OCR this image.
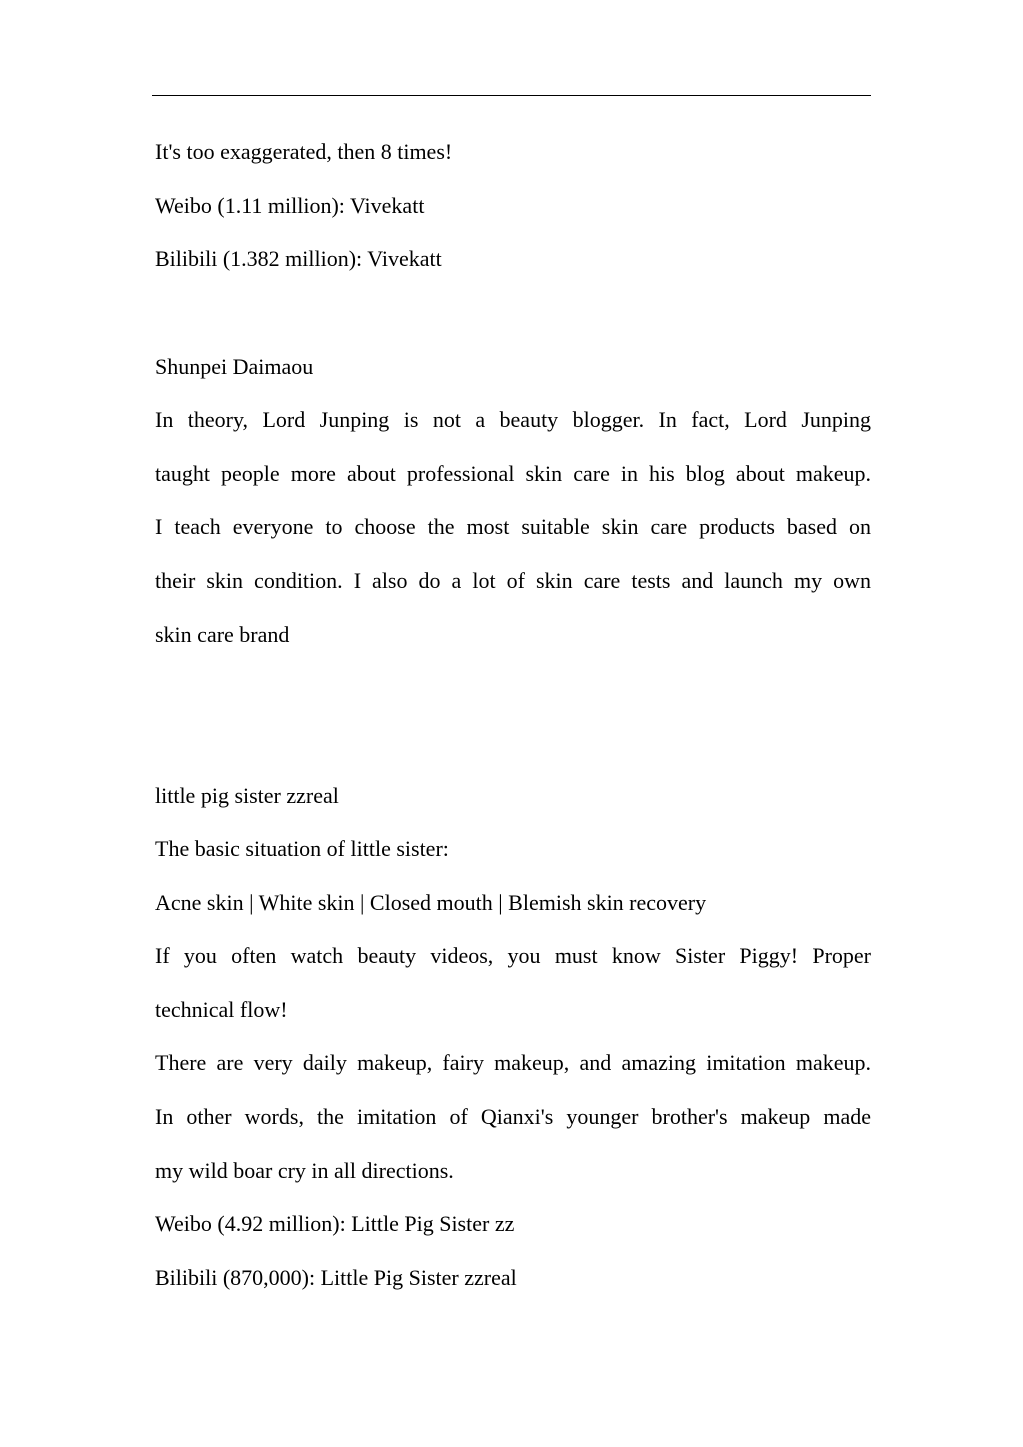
It's too exaggerated, then 8 times!
Weibo (1.11 million): Vivekatt
Bilibili (1.382 million): Vivekatt
Shunpei Daimaou
In theory, Lord Junping is not a beauty blogger. In fact, Lord Junping
taught people more about professional skin care in his blog about makeup.
I teach everyone to choose the most suitable skin care products based on
their skin condition. I also do a lot of skin care tests and launch my own
skin care brand
little pig sister zzreal
The basic situation of little sister:
Acne skin | White skin | Closed mouth | Blemish skin recovery
If you often watch beauty videos, you must know Sister Piggy! Proper
technical flow!
There are very daily makeup, fairy makeup, and amazing imitation makeup.
In other words, the imitation of Qianxi's younger brother's makeup made
my wild boar cry in all directions.
Weibo (4.92 million): Little Pig Sister zz
Bilibili (870,000): Little Pig Sister zzreal
